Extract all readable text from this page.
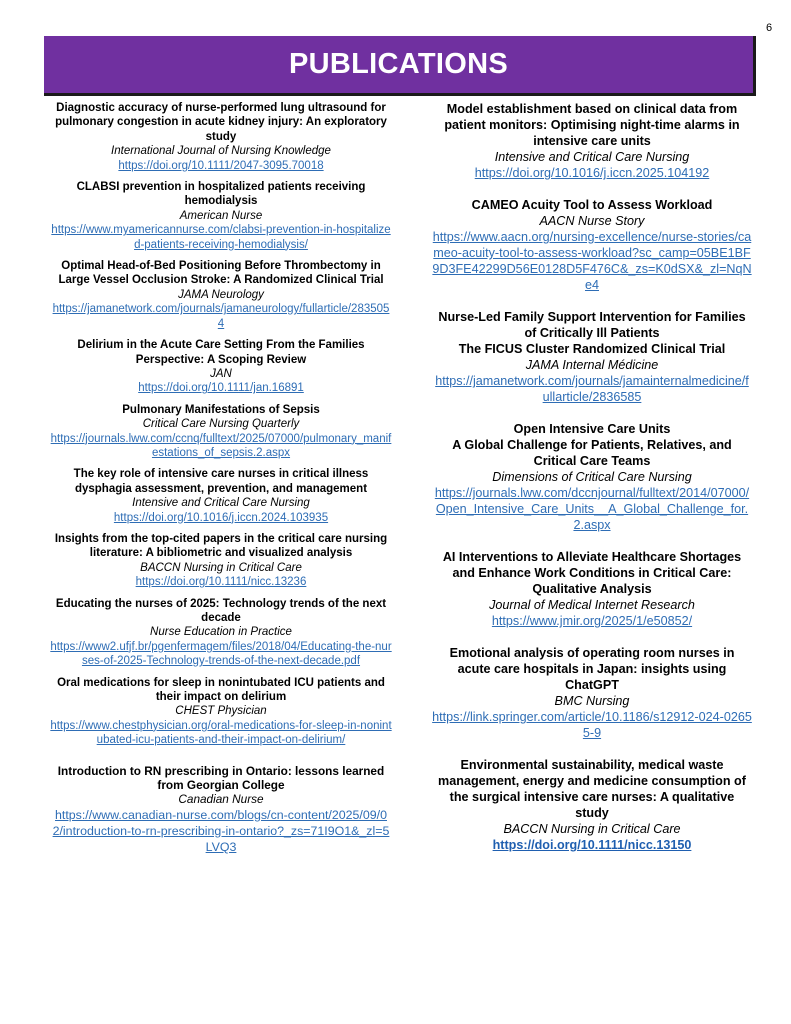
6
PUBLICATIONS
Diagnostic accuracy of nurse-performed lung ultrasound for pulmonary congestion in acute kidney injury: An exploratory study
International Journal of Nursing Knowledge
https://doi.org/10.1111/2047-3095.70018
CLABSI prevention in hospitalized patients receiving hemodialysis
American Nurse
https://www.myamericannurse.com/clabsi-prevention-in-hospitalized-patients-receiving-hemodialysis/
Optimal Head-of-Bed Positioning Before Thrombectomy in Large Vessel Occlusion Stroke: A Randomized Clinical Trial
JAMA Neurology
https://jamanetwork.com/journals/jamaneurology/fullarticle/2835054
Delirium in the Acute Care Setting From the Families Perspective: A Scoping Review
JAN
https://doi.org/10.1111/jan.16891
Pulmonary Manifestations of Sepsis
Critical Care Nursing Quarterly
https://journals.lww.com/ccnq/fulltext/2025/07000/pulmonary_manifestations_of_sepsis.2.aspx
The key role of intensive care nurses in critical illness dysphagia assessment, prevention, and management
Intensive and Critical Care Nursing
https://doi.org/10.1016/j.iccn.2024.103935
Insights from the top-cited papers in the critical care nursing literature: A bibliometric and visualized analysis
BACCN Nursing in Critical Care
https://doi.org/10.1111/nicc.13236
Educating the nurses of 2025: Technology trends of the next decade
Nurse Education in Practice
https://www2.ufjf.br/pgenfermagem/files/2018/04/Educating-the-nurses-of-2025-Technology-trends-of-the-next-decade.pdf
Oral medications for sleep in nonintubated ICU patients and their impact on delirium
CHEST Physician
https://www.chestphysician.org/oral-medications-for-sleep-in-nonintubated-icu-patients-and-their-impact-on-delirium/
Introduction to RN prescribing in Ontario: lessons learned from Georgian College
Canadian Nurse
https://www.canadian-nurse.com/blogs/cn-content/2025/09/02/introduction-to-rn-prescribing-in-ontario?_zs=71I9O1&_zl=5LVQ3
Model establishment based on clinical data from patient monitors: Optimising night-time alarms in intensive care units
Intensive and Critical Care Nursing
https://doi.org/10.1016/j.iccn.2025.104192
CAMEO Acuity Tool to Assess Workload
AACN Nurse Story
https://www.aacn.org/nursing-excellence/nurse-stories/cameo-acuity-tool-to-assess-workload?sc_camp=05BE1BF9D3FE42299D56E0128D5F476C&_zs=K0dSX&_zl=NqNe4
Nurse-Led Family Support Intervention for Families of Critically Ill Patients
The FICUS Cluster Randomized Clinical Trial
JAMA Internal Médicine
https://jamanetwork.com/journals/jamainternalmedicine/fullarticle/2836585
Open Intensive Care Units
A Global Challenge for Patients, Relatives, and Critical Care Teams
Dimensions of Critical Care Nursing
https://journals.lww.com/dccnjournal/fulltext/2014/07000/Open_Intensive_Care_Units__A_Global_Challenge_for.2.aspx
AI Interventions to Alleviate Healthcare Shortages and Enhance Work Conditions in Critical Care: Qualitative Analysis
Journal of Medical Internet Research
https://www.jmir.org/2025/1/e50852/
Emotional analysis of operating room nurses in acute care hospitals in Japan: insights using ChatGPT
BMC Nursing
https://link.springer.com/article/10.1186/s12912-024-02655-9
Environmental sustainability, medical waste management, energy and medicine consumption of the surgical intensive care nurses: A qualitative study
BACCN Nursing in Critical Care
https://doi.org/10.1111/nicc.13150
